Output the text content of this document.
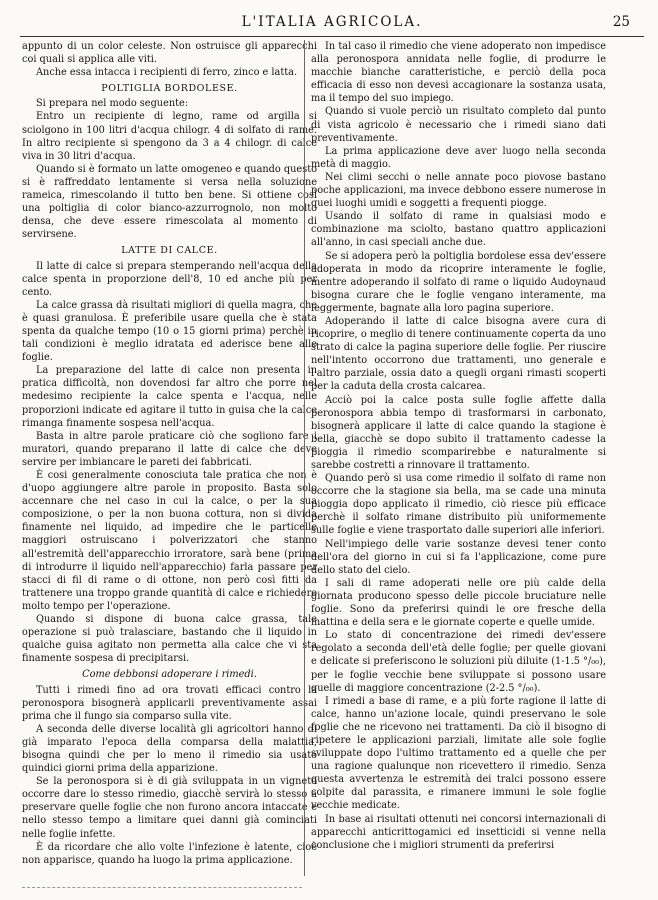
L'ITALIA AGRICOLA.	25

appunto di un color celeste. Non ostruisce gli apparecchi coi quali si applica alle viti.

Anche essa intacca i recipienti di ferro, zinco e latta.

POLTIGLIA BORDOLESE.

Si prepara nel modo seguente:

Entro un recipiente di legno, rame od argilla si sciolgono in 100 litri d'acqua chilogr. 4 di solfato di rame. In altro recipiente si spengono da 3 a 4 chilogr. di calce viva in 30 litri d'acqua.

Quando si è formato un latte omogeneo e quando questo si è raffreddato lentamente si versa nella soluzione rameica, rimescolando il tutto ben bene. Si ottiene così una poltiglia di color bianco-azzurrognolo, non molto densa, che deve essere rimescolata al momento di servirsene.

LATTE DI CALCE.

Il latte di calce si prepara stemperando nell'acqua della calce spenta in proporzione dell'8, 10 ed anche più per cento.

La calce grassa dà risultati migliori di quella magra, che è quasi granulosa. È preferibile usare quella che è stata spenta da qualche tempo (10 o 15 giorni prima) perchè in tali condizioni è meglio idratata ed aderisce bene alle foglie.

La preparazione del latte di calce non presenta in pratica difficoltà, non dovendosi far altro che porre nel medesimo recipiente la calce spenta e l'acqua, nelle proporzioni indicate ed agitare il tutto in guisa che la calce rimanga finamente sospesa nell'acqua.

Basta in altre parole praticare ciò che sogliono fare i muratori, quando preparano il latte di calce che deve servire per imbiancare le pareti dei fabbricati.

È cosi generalmente conosciuta tale pratica che non è d'uopo aggiungere altre parole in proposito. Basta solo accennare che nel caso in cui la calce, o per la sua composizione, o per la non buona cottura, non si divida finamente nel liquido, ad impedire che le particelle maggiori ostruiscano i polverizzatori che stanno all'estremità dell'apparecchio irroratore, sarà bene (prima di introdurre il liquido nell'apparecchio) farla passare per stacci di fil di rame o di ottone, non però così fitti da trattenere una troppo grande quantità di calce e richiedere molto tempo per l'operazione.

Quando si dispone di buona calce grassa, tale operazione si può tralasciare, bastando che il liquido in qualche guisa agitato non permetta alla calce che vi sta finamente sospesa di precipitarsi.

Come debbonsi adoperare i rimedi.

Tutti i rimedi fino ad ora trovati efficaci contro la peronospora bisognerà applicarli preventivamente assai prima che il fungo sia comparso sulla vite.

A seconda delle diverse località gli agricoltori hanno di già imparato l'epoca della comparsa della malattia, bisogna quindi che per lo meno il rimedio sia usato quindici giorni prima della apparizione.

Se la peronospora si è di già sviluppata in un vigneto occorre dare lo stesso rimedio, giacchè servirà lo stesso a preservare quelle foglie che non furono ancora intaccate e nello stesso tempo a limitare quei danni già cominciati nelle foglie infette.

È da ricordare che allo volte l'infezione è latente, cioè non apparisce, quando ha luogo la prima applicazione.

In tal caso il rimedio che viene adoperato non impedisce alla peronospora annidata nelle foglie, di produrre le macchie bianche caratteristiche, e perciò della poca efficacia di esso non devesi accagionare la sostanza usata, ma il tempo del suo impiego.

Quando si vuole perciò un risultato completo dal punto di vista agricolo è necessario che i rimedi siano dati preventivamente.

La prima applicazione deve aver luogo nella seconda metà di maggio.

Nei climi secchi o nelle annate poco piovose bastano poche applicazioni, ma invece debbono essere numerose in quei luoghi umidi e soggetti a frequenti piogge.

Usando il solfato di rame in qualsiasi modo e combinazione ma sciolto, bastano quattro applicazioni all'anno, in casi speciali anche due.

Se si adopera però la poltiglia bordolese essa dev'essere adoperata in modo da ricoprire interamente le foglie, mentre adoperando il solfato di rame o liquido Audoynaud bisogna curare che le foglie vengano interamente, ma leggermente, bagnate alla loro pagina superiore.

Adoperando il latte di calce bisogna avere cura di ricoprire, o meglio di tenere continuamente coperta da uno strato di calce la pagina superiore delle foglie. Per riuscire nell'intento occorrono due trattamenti, uno generale e l'altro parziale, ossia dato a quegli organi rimasti scoperti per la caduta della crosta calcarea.

Acciò poi la calce posta sulle foglie affette dalla peronospora abbia tempo di trasformarsi in carbonato, bisognerà applicare il latte di calce quando la stagione è bella, giacchè se dopo subito il trattamento cadesse la pioggia il rimedio scomparirebbe e naturalmente si sarebbe costretti a rinnovare il trattamento.

Quando però si usa come rimedio il solfato di rame non occorre che la stagione sia bella, ma se cade una minuta pioggia dopo applicato il rimedio, ciò riesce più efficace perchè il solfato rimane distribuito più uniformemente sulle foglie e viene trasportato dalle superiori alle inferiori.

Nell'impiego delle varie sostanze devesi tener conto dell'ora del giorno in cui si fa l'applicazione, come pure dello stato del cielo.

I sali di rame adoperati nelle ore più calde della giornata producono spesso delle piccole bruciature nelle foglie. Sono da preferirsi quindi le ore fresche della mattina e della sera e le giornate coperte e quelle umide.

Lo stato di concentrazione dei rimedi dev'essere regolato a seconda dell'età delle foglie; per quelle giovani e delicate si preferiscono le soluzioni più diluite (1-1.5 °/₀₀), per le foglie vecchie bene sviluppate si possono usare quelle di maggiore concentrazione (2-2.5 °/₀₀).

I rimedi a base di rame, e a più forte ragione il latte di calce, hanno un'azione locale, quindi preservano le sole foglie che ne ricevono nei trattamenti. Da ciò il bisogno di ripetere le applicazioni parziali, limitate alle sole foglie sviluppate dopo l'ultimo trattamento ed a quelle che per una ragione qualunque non ricevettero il rimedio. Senza questa avvertenza le estremità dei tralci possono essere colpite dal parassita, e rimanere immuni le sole foglie vecchie medicate.

In base ai risultati ottenuti nei concorsi internazionali di apparecchi anticrittogamici ed insetticidi si venne nella conclusione che i migliori strumenti da preferirsi
